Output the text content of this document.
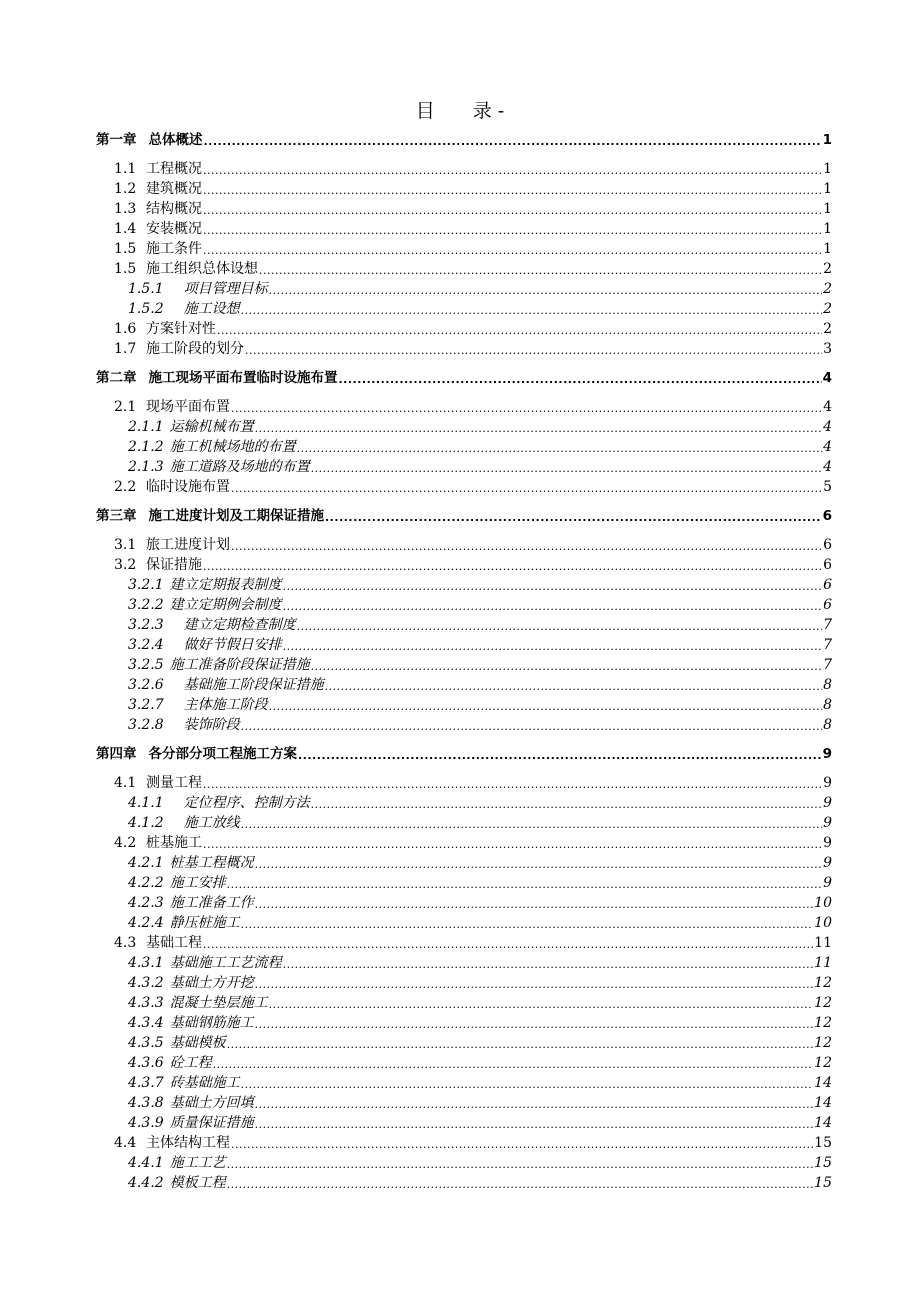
目　　录 -
第一章 总体概述 .....	1
1.1 工程概况 .....	1
1.2 建筑概况 .....	1
1.3 结构概况 .....	1
1.4 安装概况 .....	1
1.5 施工条件 .....	1
1.5 施工组织总体设想 .....	2
1.5.1　项目管理目标 .....	2
1.5.2　施工设想 .....	2
1.6 方案针对性 .....	2
1.7 施工阶段的划分 .....	3
第二章 施工现场平面布置临时设施布置 .....	4
2.1 现场平面布置 .....	4
2.1.1 运输机械布置 .....	4
2.1.2 施工机械场地的布置 .....	4
2.1.3 施工道路及场地的布置 .....	4
2.2 临时设施布置 .....	5
第三章 施工进度计划及工期保证措施 .....	6
3.1 旅工进度计划 .....	6
3.2 保证措施 .....	6
3.2.1 建立定期报表制度 .....	6
3.2.2 建立定期例会制度 .....	6
3.2.3　建立定期检查制度 .....	7
3.2.4　做好节假日安排 .....	7
3.2.5 施工准备阶段保证措施 .....	7
3.2.6　基础施工阶段保证措施 .....	8
3.2.7　主体施工阶段 .....	8
3.2.8　装饰阶段 .....	8
第四章 各分部分项工程施工方案 .....	9
4.1 测量工程 .....	9
4.1.1　定位程序、控制方法 .....	9
4.1.2　施工放线 .....	9
4.2 桩基施工 .....	9
4.2.1 桩基工程概况 .....	9
4.2.2 施工安排 .....	9
4.2.3 施工准备工作 .....	10
4.2.4 静压桩施工 .....	10
4.3 基础工程 .....	11
4.3.1 基础施工工艺流程 .....	11
4.3.2 基础土方开挖 .....	12
4.3.3 混凝土垫层施工 .....	12
4.3.4 基础钢筋施工 .....	12
4.3.5 基础模板 .....	12
4.3.6 砼工程 .....	12
4.3.7 砖基础施工 .....	14
4.3.8 基础土方回填 .....	14
4.3.9 质量保证措施 .....	14
4.4 主体结构工程 .....	15
4.4.1 施工工艺 .....	15
4.4.2 模板工程 .....	15
